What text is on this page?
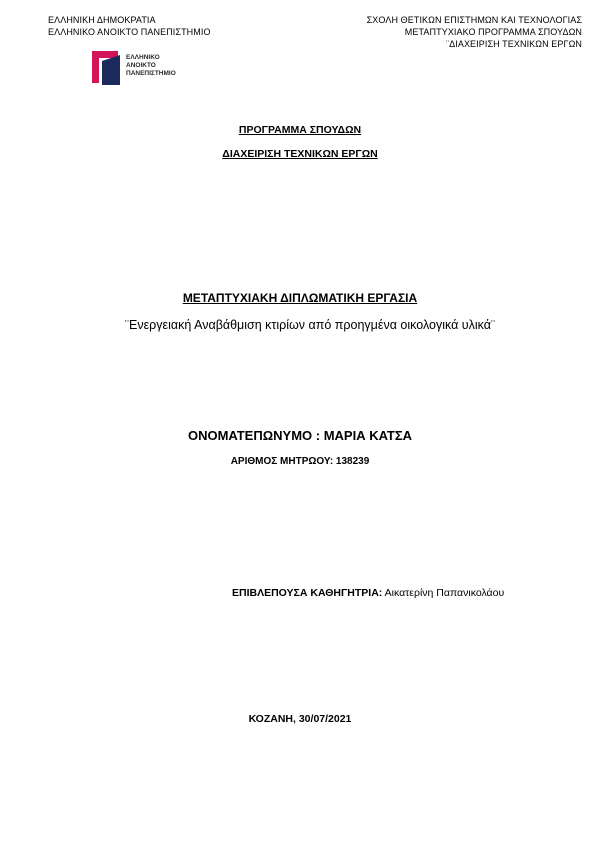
ΕΛΛΗΝΙΚΗ ΔΗΜΟΚΡΑΤΙΑ
ΕΛΛΗΝΙΚΟ ΑΝΟΙΚΤΟ ΠΑΝΕΠΙΣΤΗΜΙΟ
ΣΧΟΛΗ ΘΕΤΙΚΩΝ ΕΠΙΣΤΗΜΩΝ ΚΑΙ ΤΕΧΝΟΛΟΓΙΑΣ
ΜΕΤΑΠΤΥΧΙΑΚΟ ΠΡΟΓΡΑΜΜΑ ΣΠΟΥΔΩΝ
¨ΔΙΑΧΕΙΡΙΣΗ ΤΕΧΝΙΚΩΝ ΕΡΓΩΝ
ΕΛΛΗΝΙΚΟ
ΑΝΟΙΚΤΟ
ΠΑΝΕΠΙΣΤΗΜΙΟ
ΠΡΟΓΡΑΜΜΑ ΣΠΟΥΔΩΝ
ΔΙΑΧΕΙΡΙΣΗ ΤΕΧΝΙΚΩΝ ΕΡΓΩΝ
ΜΕΤΑΠΤΥΧΙΑΚΗ ΔΙΠΛΩΜΑΤΙΚΗ ΕΡΓΑΣΙΑ
¨Ενεργειακή Αναβάθμιση κτιρίων από προηγμένα οικολογικά υλικά¨
ΟΝΟΜΑΤΕΠΩΝΥΜΟ : ΜΑΡΙΑ ΚΑΤΣΑ
ΑΡΙΘΜΟΣ ΜΗΤΡΩΟΥ: 138239
ΕΠΙΒΛΕΠΟΥΣΑ ΚΑΘΗΓΗΤΡΙΑ: Αικατερίνη Παπανικολάου
ΚΟΖΑΝΗ, 30/07/2021
